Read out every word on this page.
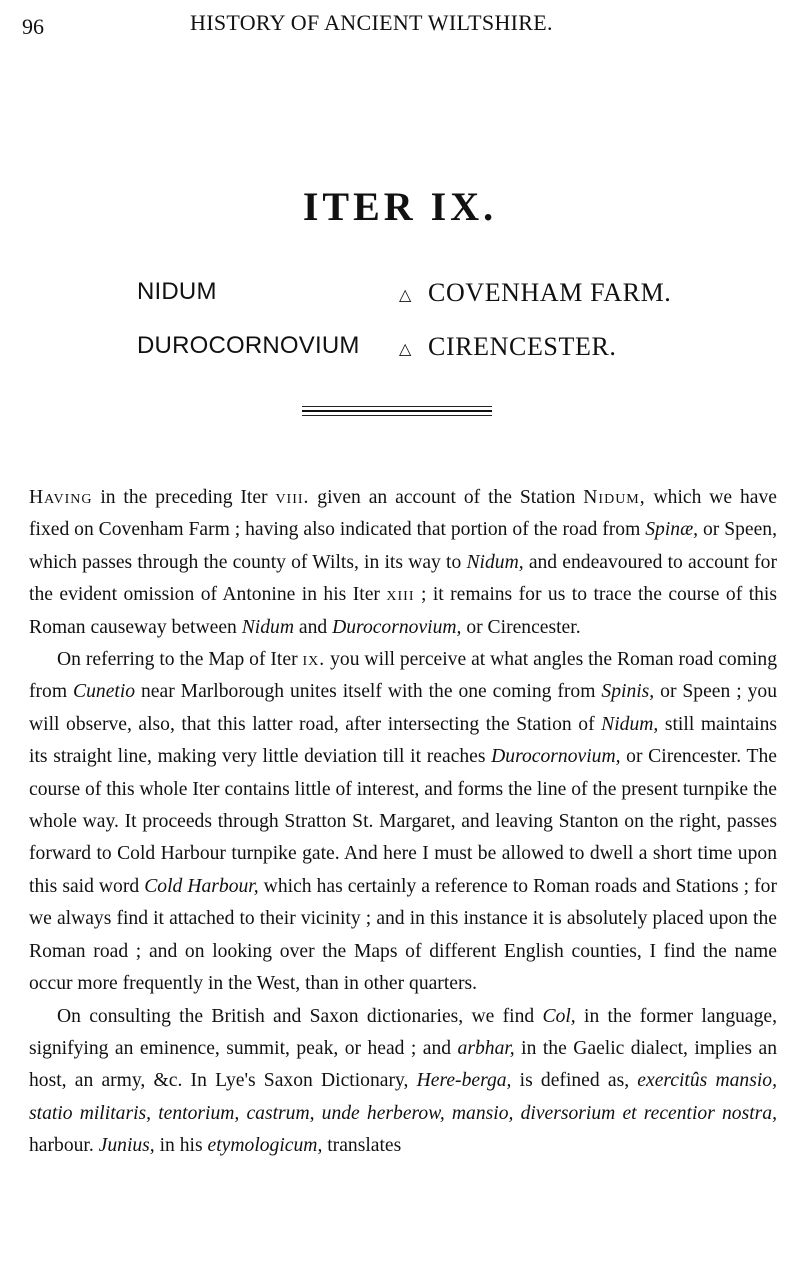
96	HISTORY OF ANCIENT WILTSHIRE.
ITER IX.
NIDUM	△ COVENHAM FARM.
DUROCORNOVIUM △ CIRENCESTER.

Having in the preceding Iter viii. given an account of the Station Nidum, which we have fixed on Covenham Farm ; having also indicated that portion of the road from Spinæ, or Speen, which passes through the county of Wilts, in its way to Nidum, and endeavoured to account for the evident omission of Antonine in his Iter xiii ; it remains for us to trace the course of this Roman causeway between Nidum and Durocornovium, or Cirencester.

On referring to the Map of Iter ix. you will perceive at what angles the Roman road coming from Cunetio near Marlborough unites itself with the one coming from Spinis, or Speen ; you will observe, also, that this latter road, after intersecting the Station of Nidum, still maintains its straight line, making very little deviation till it reaches Durocornovium, or Cirencester. The course of this whole Iter contains little of interest, and forms the line of the present turnpike the whole way. It proceeds through Stratton St. Margaret, and leaving Stanton on the right, passes forward to Cold Harbour turnpike gate. And here I must be allowed to dwell a short time upon this said word Cold Harbour, which has certainly a reference to Roman roads and Stations ; for we always find it attached to their vicinity ; and in this instance it is absolutely placed upon the Roman road ; and on looking over the Maps of different English counties, I find the name occur more frequently in the West, than in other quarters.

On consulting the British and Saxon dictionaries, we find Col, in the former language, signifying an eminence, summit, peak, or head ; and arbhar, in the Gaelic dialect, implies an host, an army, &c. In Lye's Saxon Dictionary, Here-berga, is defined as, exercitûs mansio, statio militaris, tentorium, castrum, unde herberow, mansio, diversorium et recentior nostra, harbour. Junius, in his etymologicum, translates
